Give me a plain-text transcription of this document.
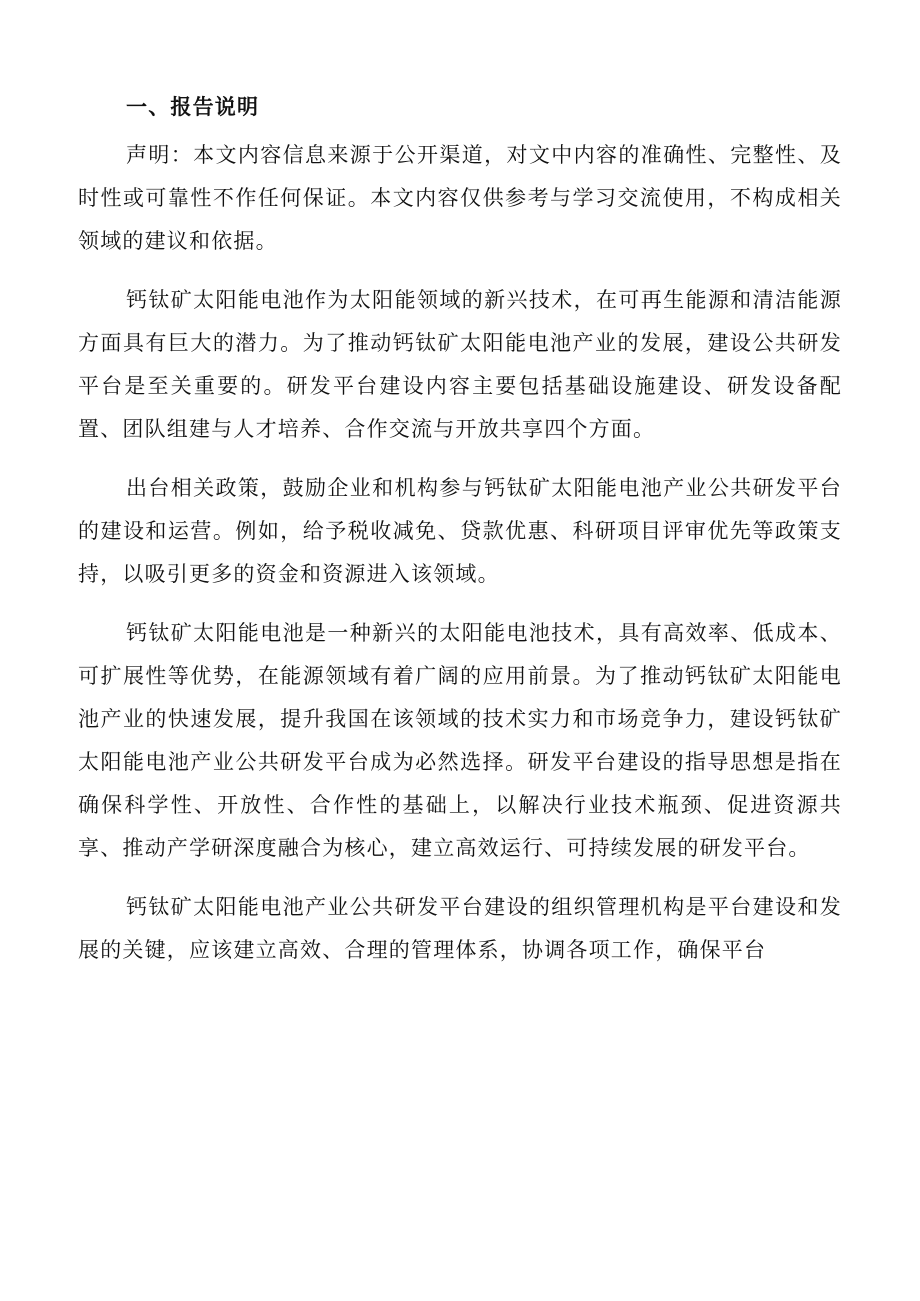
一、报告说明

声明：本文内容信息来源于公开渠道，对文中内容的准确性、完整性、及时性或可靠性不作任何保证。本文内容仅供参考与学习交流使用，不构成相关领域的建议和依据。

钙钛矿太阳能电池作为太阳能领域的新兴技术，在可再生能源和清洁能源方面具有巨大的潜力。为了推动钙钛矿太阳能电池产业的发展，建设公共研发平台是至关重要的。研发平台建设内容主要包括基础设施建设、研发设备配置、团队组建与人才培养、合作交流与开放共享四个方面。

出台相关政策，鼓励企业和机构参与钙钛矿太阳能电池产业公共研发平台的建设和运营。例如，给予税收减免、贷款优惠、科研项目评审优先等政策支持，以吸引更多的资金和资源进入该领域。

钙钛矿太阳能电池是一种新兴的太阳能电池技术，具有高效率、低成本、可扩展性等优势，在能源领域有着广阔的应用前景。为了推动钙钛矿太阳能电池产业的快速发展，提升我国在该领域的技术实力和市场竞争力，建设钙钛矿太阳能电池产业公共研发平台成为必然选择。研发平台建设的指导思想是指在确保科学性、开放性、合作性的基础上，以解决行业技术瓶颈、促进资源共享、推动产学研深度融合为核心，建立高效运行、可持续发展的研发平台。

钙钛矿太阳能电池产业公共研发平台建设的组织管理机构是平台建设和发展的关键，应该建立高效、合理的管理体系，协调各项工作，确保平台
